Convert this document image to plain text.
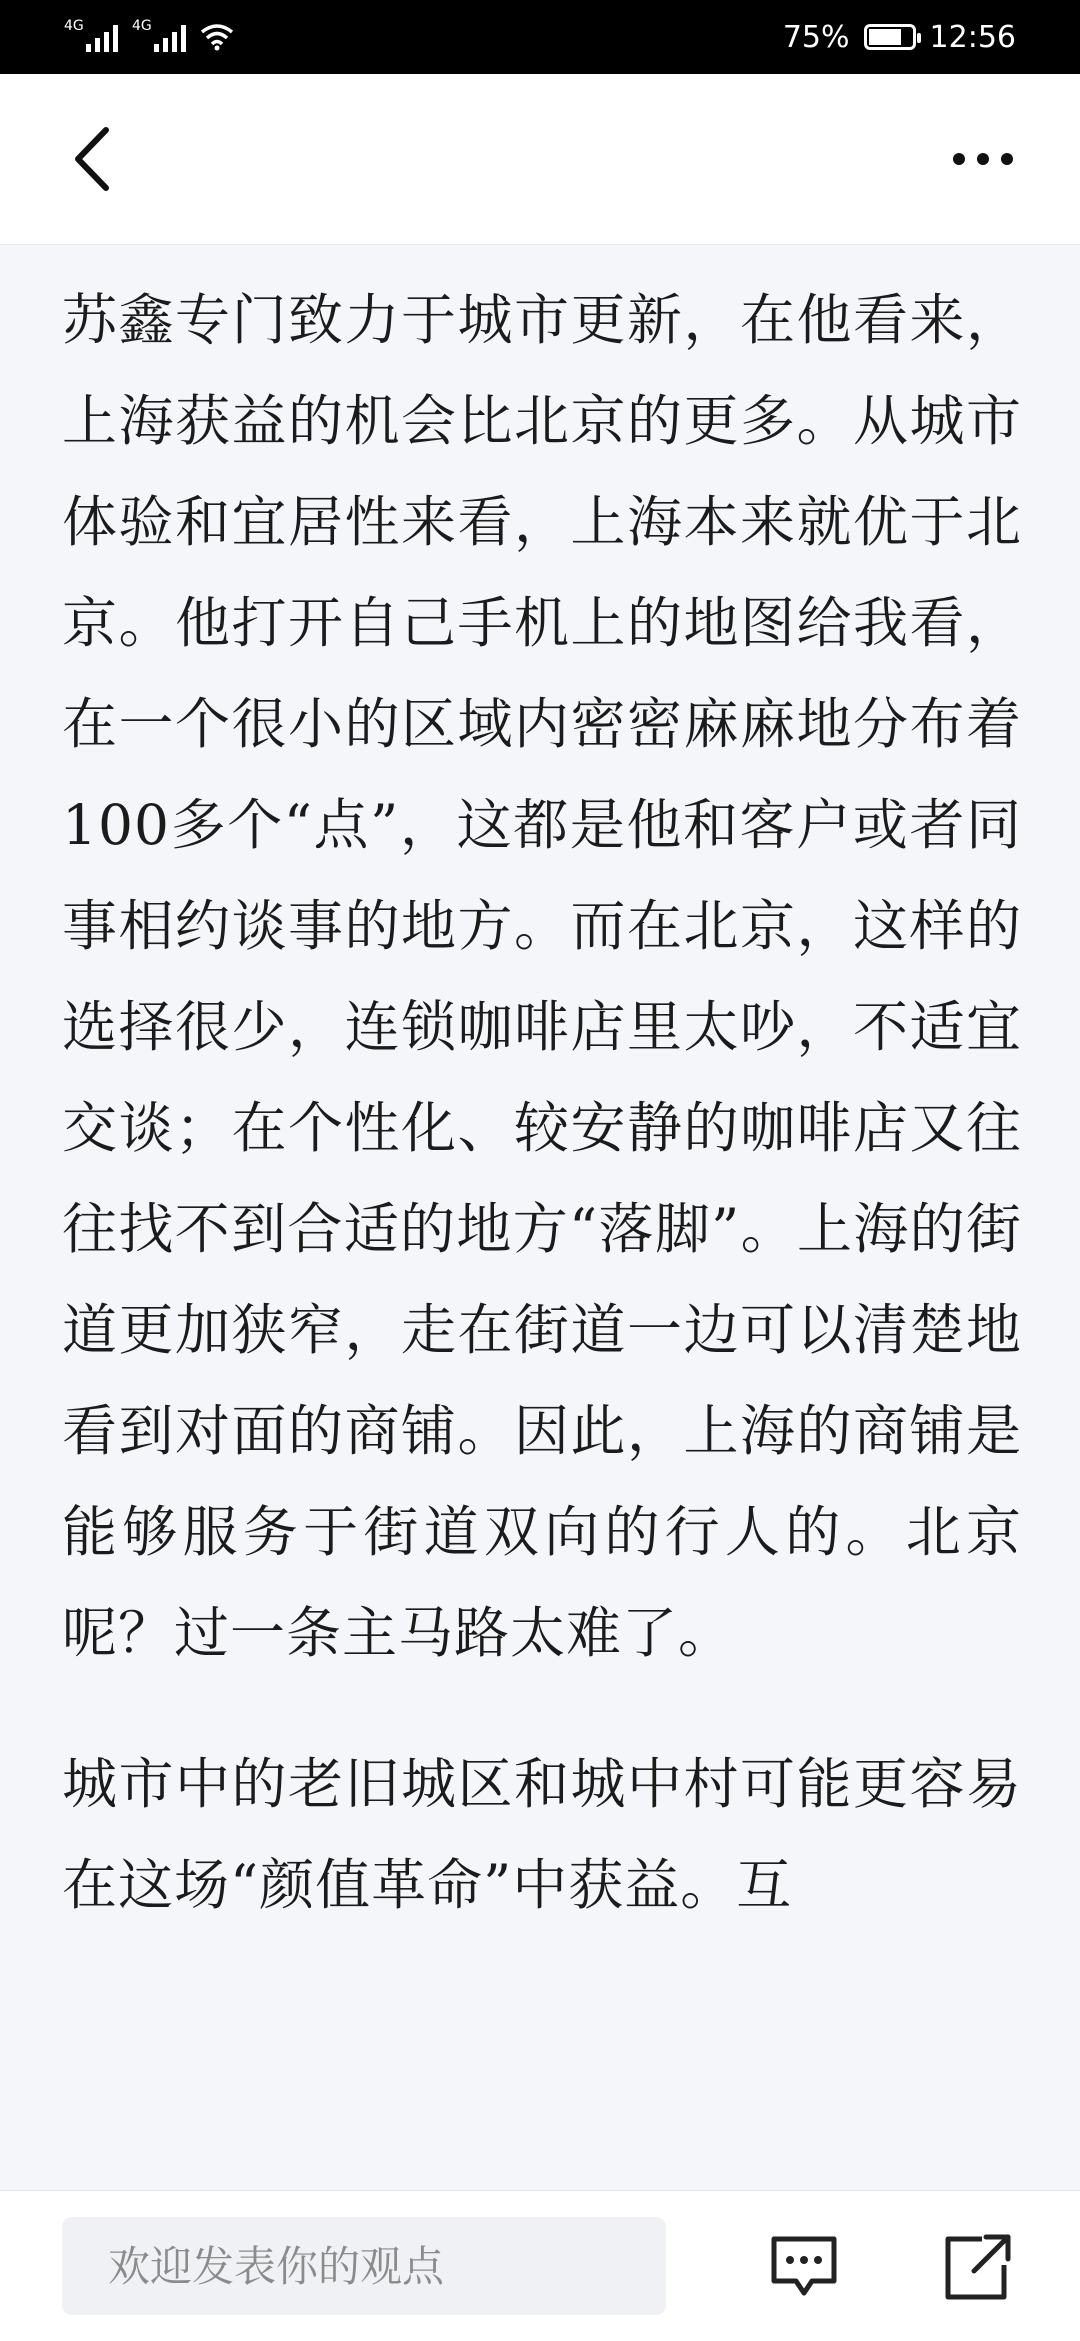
4G	4G	75%	12:56

苏鑫专门致力于城市更新，在他看来，上海获益的机会比北京的更多。从城市体验和宜居性来看，上海本来就优于北京。他打开自己手机上的地图给我看，在一个很小的区域内密密麻麻地分布着100多个“点”，这都是他和客户或者同事相约谈事的地方。而在北京，这样的选择很少，连锁咖啡店里太吵，不适宜交谈；在个性化、较安静的咖啡店又往往找不到合适的地方“落脚”。上海的街道更加狭窄，走在街道一边可以清楚地看到对面的商铺。因此，上海的商铺是能够服务于街道双向的行人的。北京呢？过一条主马路太难了。

城市中的老旧城区和城中村可能更容易在这场“颜值革命”中获益。互

欢迎发表你的观点
